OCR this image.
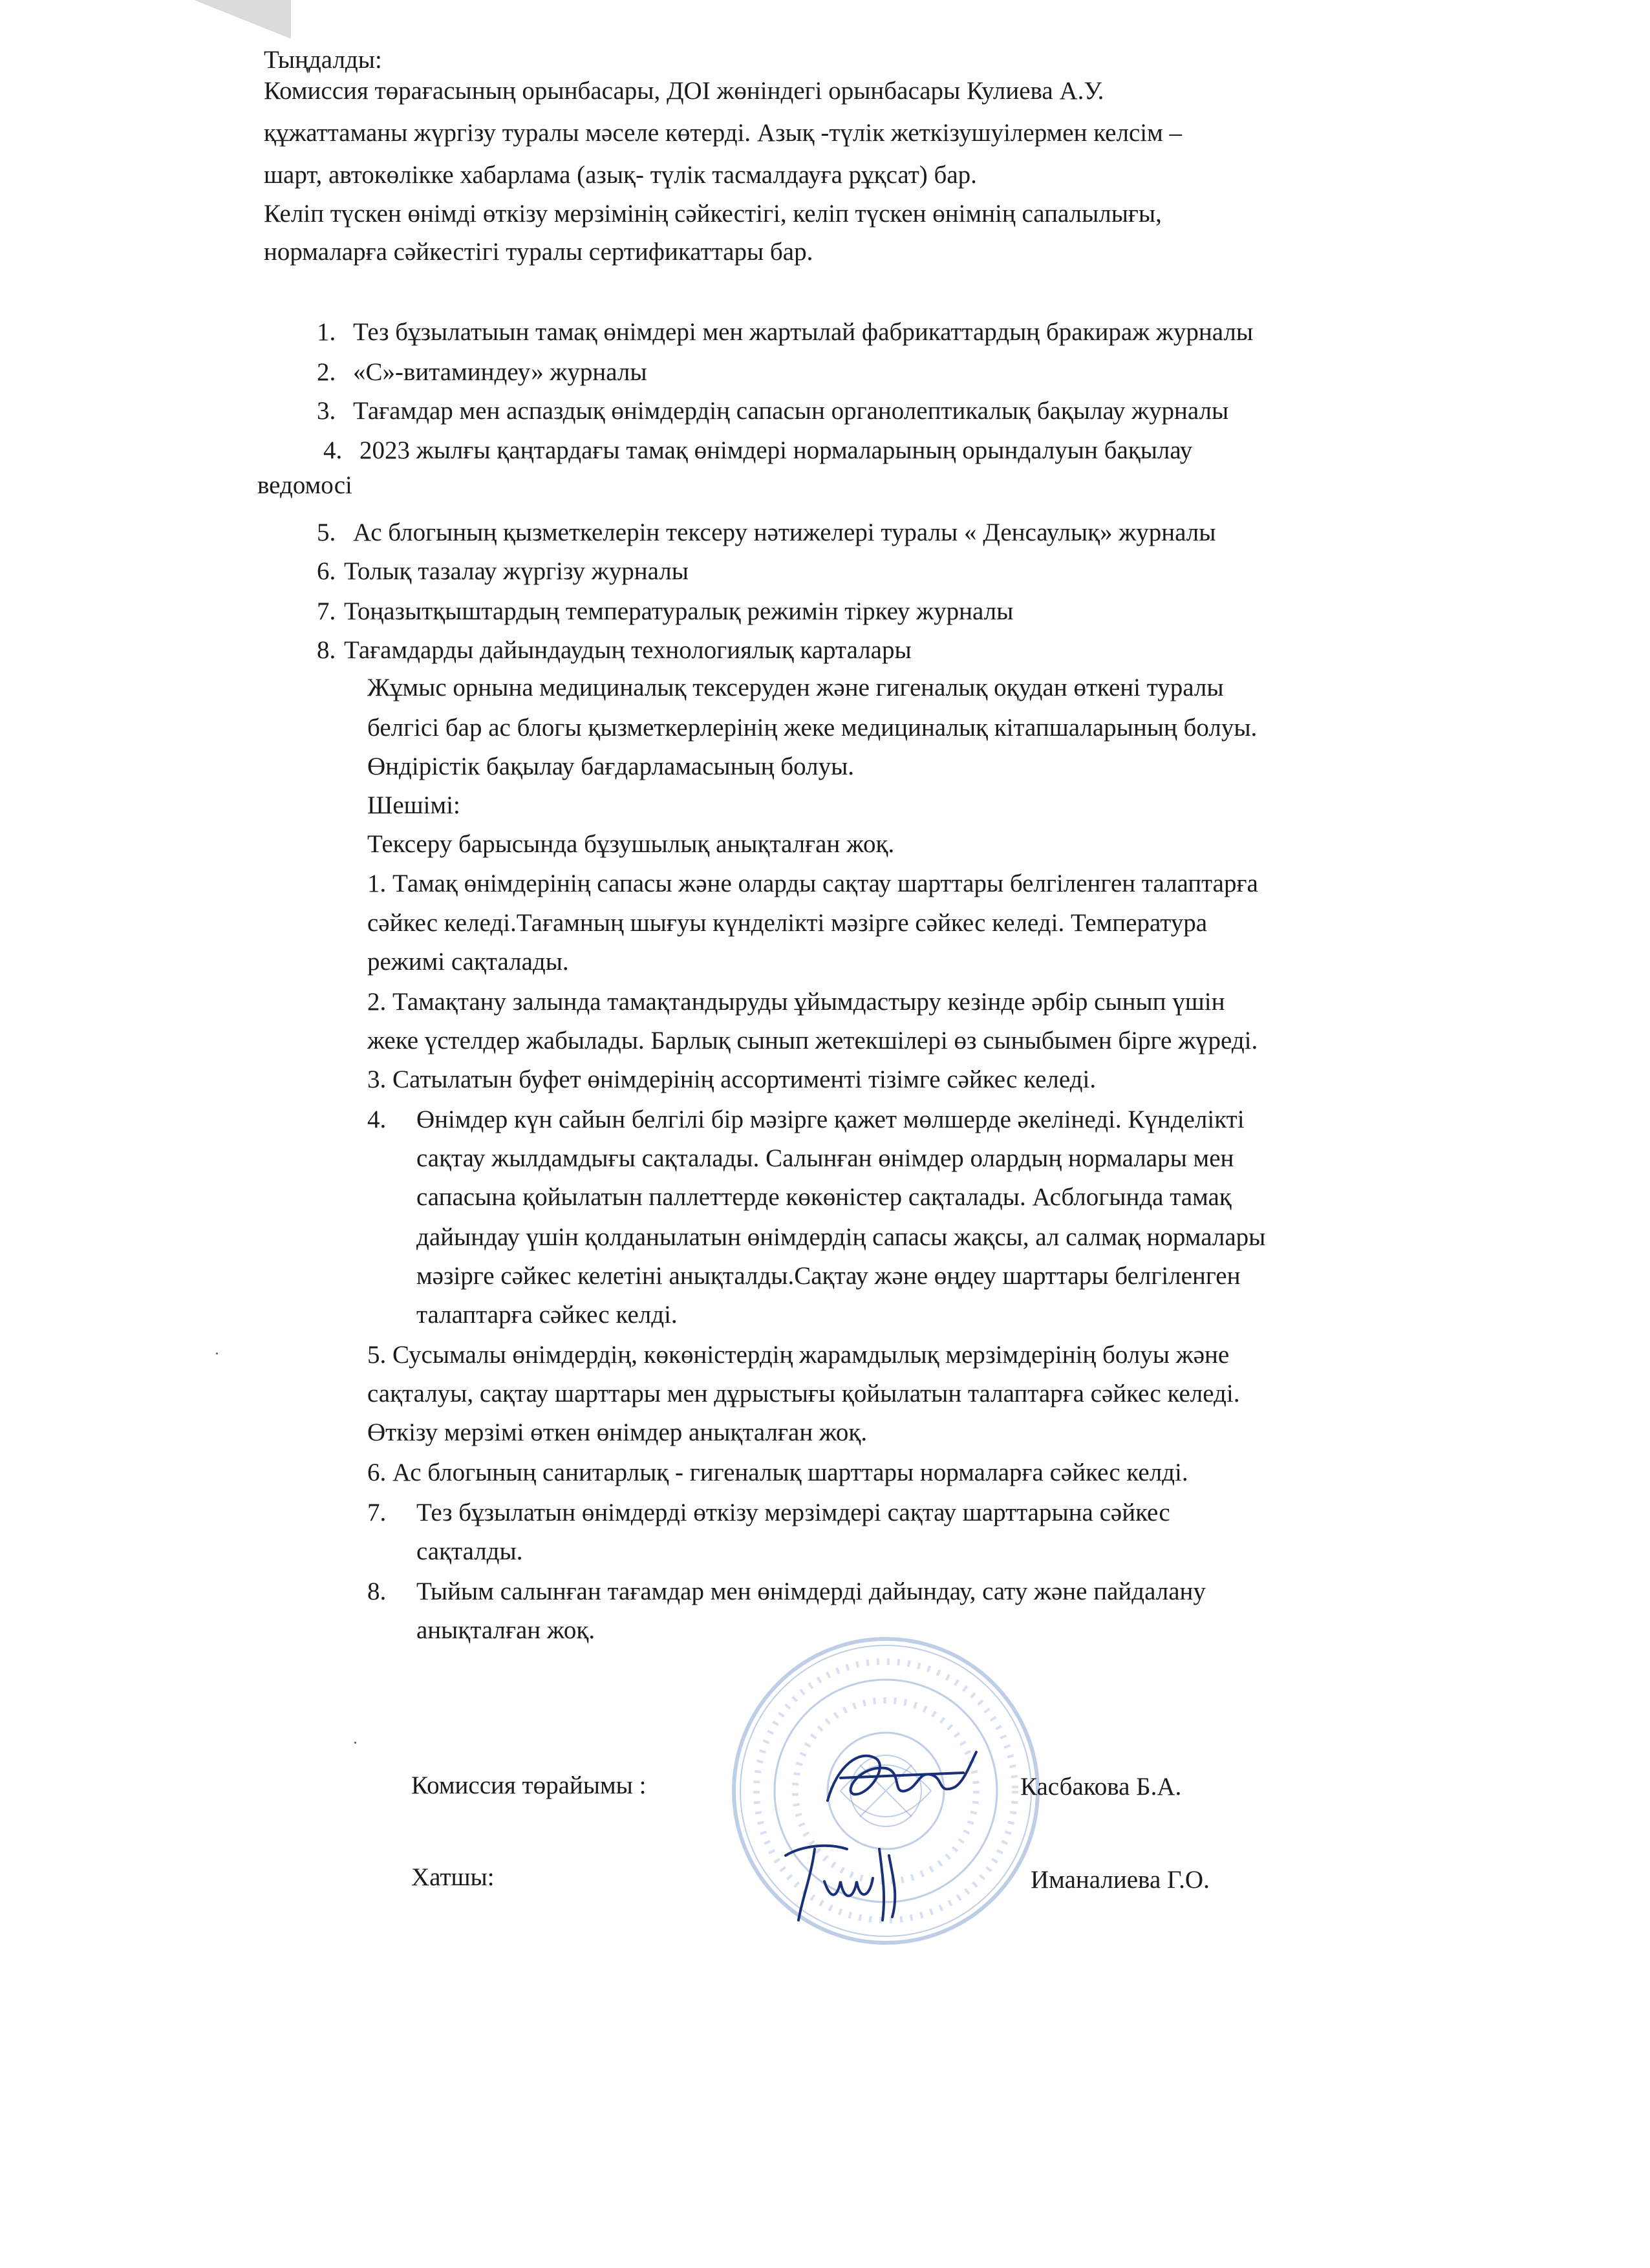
Тыңдалды:
Комиссия төрағасының орынбасары, ДОІ жөніндегі орынбасары Кулиева А.У.
құжаттаманы жүргізу туралы мәселе көтерді. Азық -түлік жеткізушуілермен келсім –
шарт, автокөлікке хабарлама (азық- түлік тасмалдауға рұқсат) бар.
Келіп түскен өнімді өткізу мерзімінің сәйкестігі, келіп түскен өнімнің сапалылығы,
нормаларға сәйкестігі туралы сертификаттары бар.
1. Тез бұзылатыын тамақ өнімдері мен жартылай фабрикаттардың бракираж журналы
2. «С»-витаминдеу» журналы
3. Тағамдар мен аспаздық өнімдердің сапасын органолептикалық бақылау журналы
4. 2023 жылғы қаңтардағы тамақ өнімдері нормаларының орындалуын бақылау
ведомосі
5. Ас блогының қызметкелерін тексеру нәтижелері туралы « Денсаулық» журналы
6. Толық тазалау жүргізу журналы
7. Тоңазытқыштардың температуралық режимін тіркеу журналы
8. Тағамдарды дайындаудың технологиялық карталары
Жұмыс орнына медициналық тексеруден және гигеналық оқудан өткені туралы
белгісі бар ас блогы қызметкерлерінің жеке медициналық кітапшаларының болуы.
Өндірістік бақылау бағдарламасының болуы.
Шешімі:
Тексеру барысында бұзушылық анықталған жоқ.
1. Тамақ өнімдерінің сапасы және оларды сақтау шарттары белгіленген талаптарға
сәйкес келеді.Тағамның шығуы күнделікті мәзірге сәйкес келеді. Температура
режимі сақталады.
2. Тамақтану залында тамақтандыруды ұйымдастыру кезінде әрбір сынып үшін
жеке үстелдер жабылады. Барлық сынып жетекшілері өз сыныбымен бірге жүреді.
3. Сатылатын буфет өнімдерінің ассортименті тізімге сәйкес келеді.
4. Өнімдер күн сайын белгілі бір мәзірге қажет мөлшерде әкелінеді. Күнделікті
сақтау жылдамдығы сақталады. Салынған өнімдер олардың нормалары мен
сапасына қойылатын паллеттерде көкөністер сақталады. Асблогында тамақ
дайындау үшін қолданылатын өнімдердің сапасы жақсы, ал салмақ нормалары
мәзірге сәйкес келетіні анықталды.Сақтау және өңдеу шарттары белгіленген
талаптарға сәйкес келді.
5. Сусымалы өнімдердің, көкөністердің жарамдылық мерзімдерінің болуы және
сақталуы, сақтау шарттары мен дұрыстығы қойылатын талаптарға сәйкес келеді.
Өткізу мерзімі өткен өнімдер анықталған жоқ.
6. Ас блогының санитарлық - гигеналық шарттары нормаларға сәйкес келді.
7. Тез бұзылатын өнімдерді өткізу мерзімдері сақтау шарттарына сәйкес
сақталды.
8. Тыйым салынған тағамдар мен өнімдерді дайындау, сату және пайдалану
анықталған жоқ.
Комиссия төрайымы :	Касбакова Б.А.
Хатшы:	Иманалиева Г.О.
